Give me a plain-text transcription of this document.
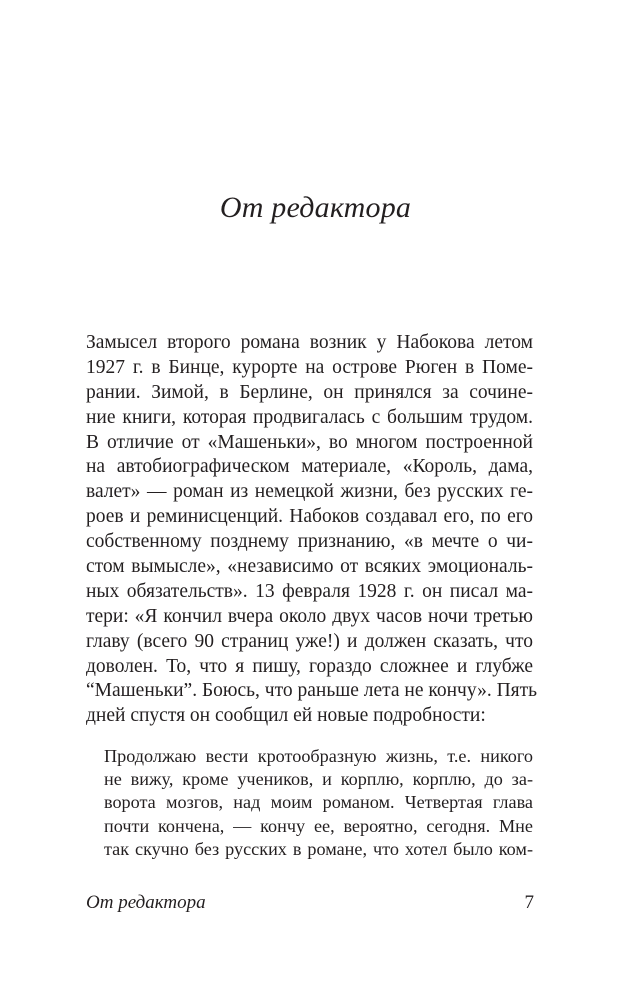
От редактора
Замысел второго романа возник у Набокова летом
1927 г. в Бинце, курорте на острове Рюген в Поме-
рании. Зимой, в Берлине, он принялся за сочине-
ние книги, которая продвигалась с большим трудом.
В отличие от «Машеньки», во многом построенной
на автобиографическом материале, «Король, дама,
валет» — роман из немецкой жизни, без русских ге-
роев и реминисценций. Набоков создавал его, по его
собственному позднему признанию, «в мечте о чи-
стом вымысле», «независимо от всяких эмоциональ-
ных обязательств». 13 февраля 1928 г. он писал ма-
тери: «Я кончил вчера около двух часов ночи третью
главу (всего 90 страниц уже!) и должен сказать, что
доволен. То, что я пишу, гораздо сложнее и глубже
“Машеньки”. Боюсь, что раньше лета не кончу». Пять
дней спустя он сообщил ей новые подробности:
Продолжаю вести кротообразную жизнь, т.е. никого
не вижу, кроме учеников, и корплю, корплю, до за-
ворота мозгов, над моим романом. Четвертая глава
почти кончена, — кончу ее, вероятно, сегодня. Мне
так скучно без русских в романе, что хотел было ком-
От редактора	7
